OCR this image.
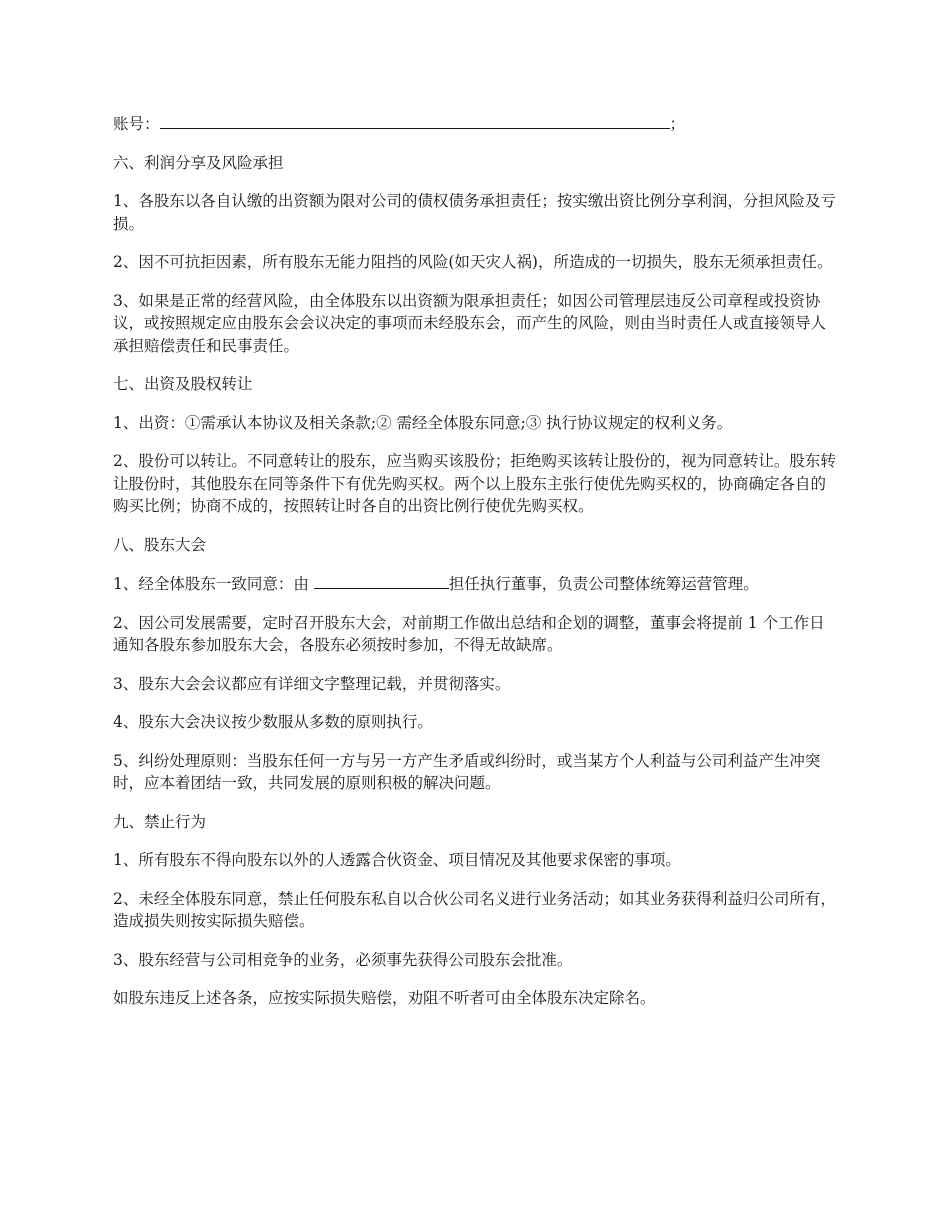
账号：	；

六、利润分享及风险承担

1、各股东以各自认缴的出资额为限对公司的债权债务承担责任；按实缴出资比例分享利润，分担风险及亏损。

2、因不可抗拒因素，所有股东无能力阻挡的风险(如天灾人祸)，所造成的一切损失，股东无须承担责任。

3、如果是正常的经营风险，由全体股东以出资额为限承担责任；如因公司管理层违反公司章程或投资协议，或按照规定应由股东会会议决定的事项而未经股东会，而产生的风险，则由当时责任人或直接领导人承担赔偿责任和民事责任。

七、出资及股权转让

1、出资：①需承认本协议及相关条款;② 需经全体股东同意;③ 执行协议规定的权利义务。

2、股份可以转让。不同意转让的股东，应当购买该股份；拒绝购买该转让股份的，视为同意转让。股东转让股份时，其他股东在同等条件下有优先购买权。两个以上股东主张行使优先购买权的，协商确定各自的购买比例；协商不成的，按照转让时各自的出资比例行使优先购买权。

八、股东大会

1、经全体股东一致同意：由	担任执行董事，负责公司整体统筹运营管理。

2、因公司发展需要，定时召开股东大会，对前期工作做出总结和企划的调整，董事会将提前 1 个工作日通知各股东参加股东大会，各股东必须按时参加，不得无故缺席。

3、股东大会会议都应有详细文字整理记载，并贯彻落实。

4、股东大会决议按少数服从多数的原则执行。

5、纠纷处理原则：当股东任何一方与另一方产生矛盾或纠纷时，或当某方个人利益与公司利益产生冲突时，应本着团结一致，共同发展的原则积极的解决问题。

九、禁止行为

1、所有股东不得向股东以外的人透露合伙资金、项目情况及其他要求保密的事项。

2、未经全体股东同意，禁止任何股东私自以合伙公司名义进行业务活动；如其业务获得利益归公司所有，造成损失则按实际损失赔偿。

3、股东经营与公司相竞争的业务，必须事先获得公司股东会批准。

如股东违反上述各条，应按实际损失赔偿，劝阻不听者可由全体股东决定除名。
